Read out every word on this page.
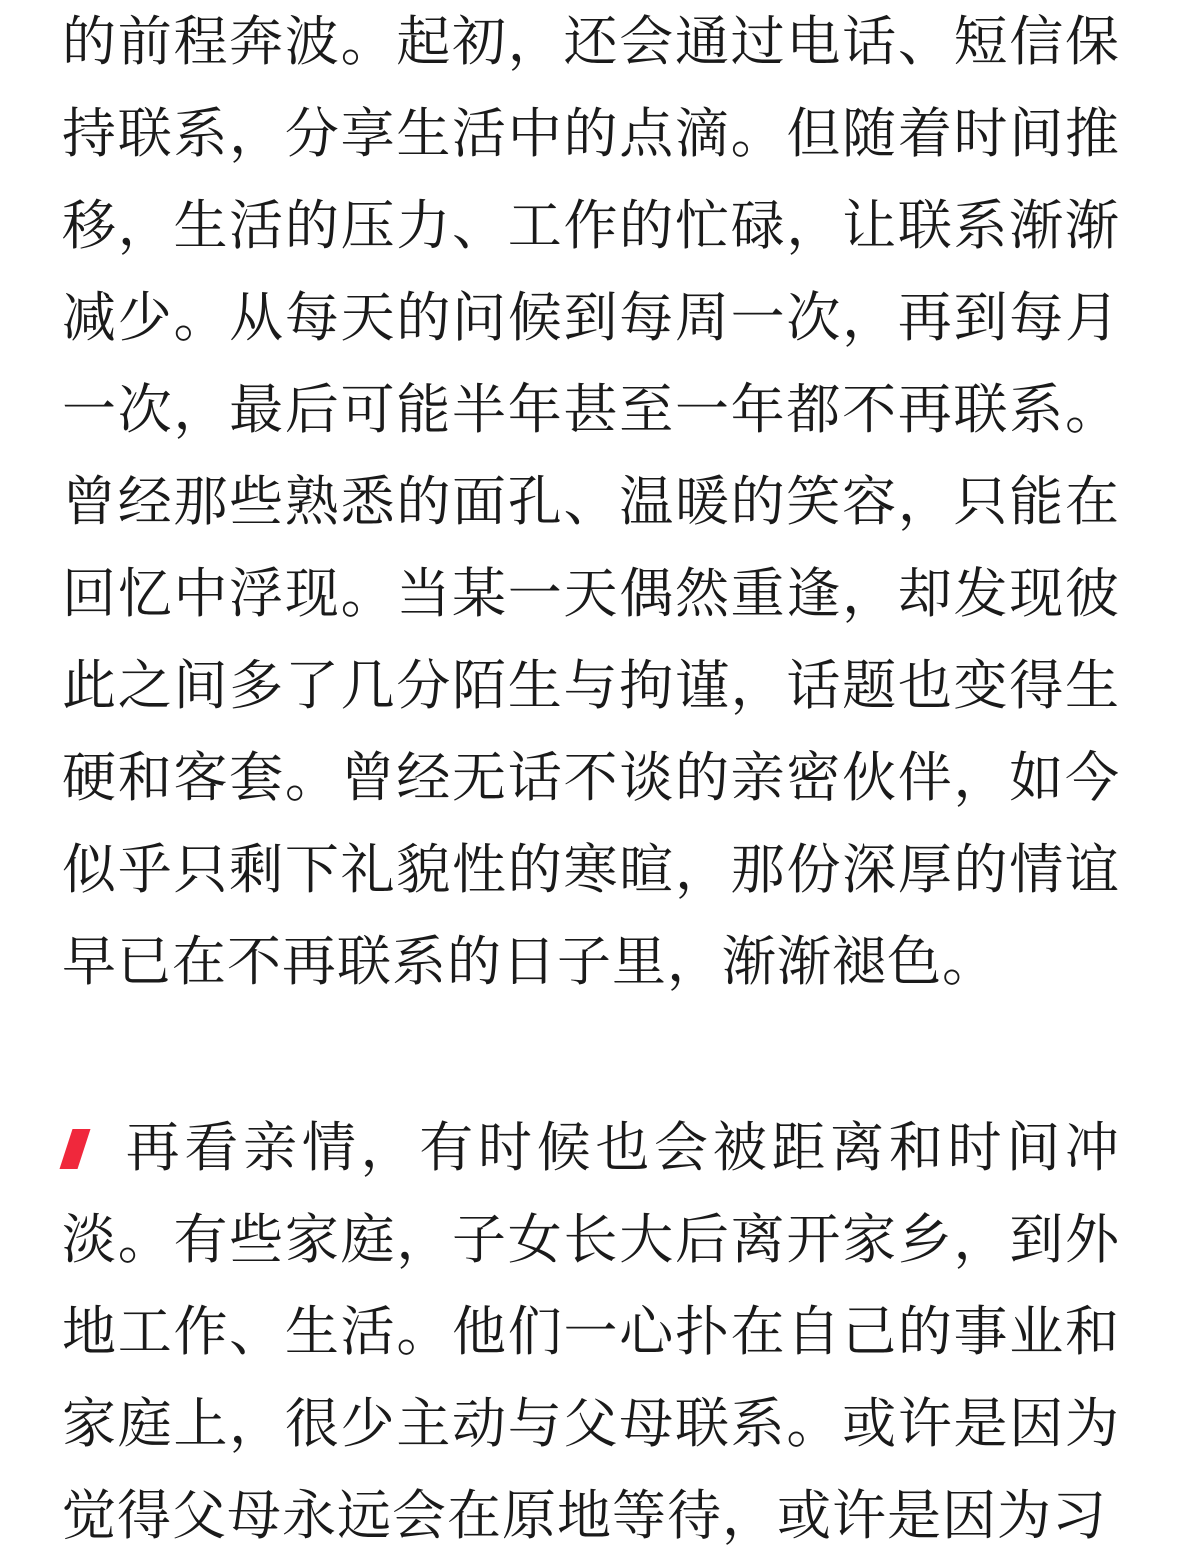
的前程奔波。起初，还会通过电话、短信保持联系，分享生活中的点滴。但随着时间推移，生活的压力、工作的忙碌，让联系渐渐减少。从每天的问候到每周一次，再到每月一次，最后可能半年甚至一年都不再联系。曾经那些熟悉的面孔、温暖的笑容，只能在回忆中浮现。当某一天偶然重逢，却发现彼此之间多了几分陌生与拘谨，话题也变得生硬和客套。曾经无话不谈的亲密伙伴，如今似乎只剩下礼貌性的寒暄，那份深厚的情谊早已在不再联系的日子里，渐渐褪色。

再看亲情，有时候也会被距离和时间冲淡。有些家庭，子女长大后离开家乡，到外地工作、生活。他们一心扑在自己的事业和家庭上，很少主动与父母联系。或许是因为觉得父母永远会在原地等待，或许是因为习
